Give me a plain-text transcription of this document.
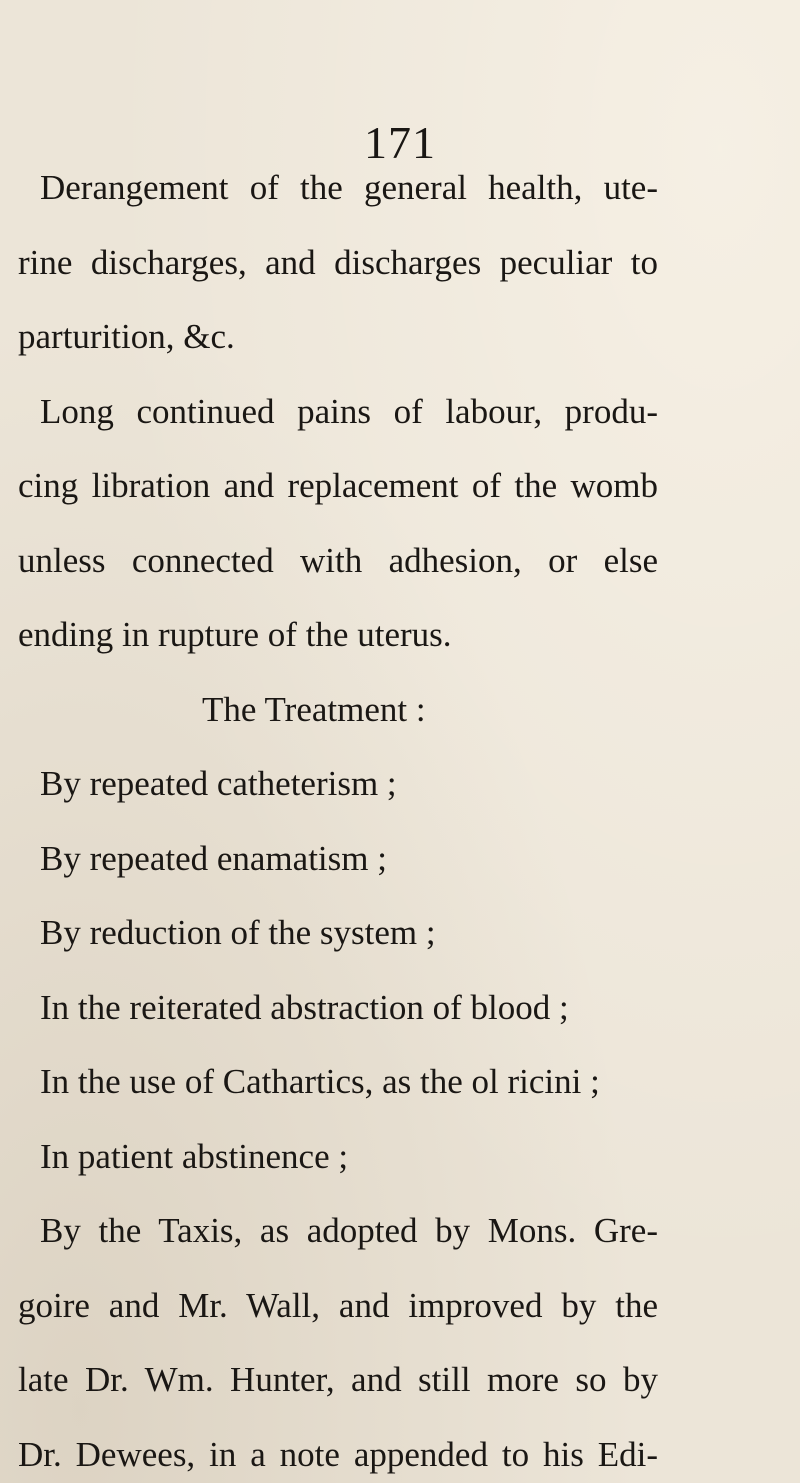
171
Derangement of the general health, ute-
rine discharges, and discharges peculiar to
parturition, &c.
Long continued pains of labour, produ-
cing libration and replacement of the womb
unless connected with adhesion, or else
ending in rupture of the uterus.
The Treatment :
By repeated catheterism ;
By repeated enamatism ;
By reduction of the system ;
In the reiterated abstraction of blood ;
In the use of Cathartics, as the ol ricini ;
In patient abstinence ;
By the Taxis, as adopted by Mons. Gre-
goire and Mr. Wall, and improved by the
late Dr. Wm. Hunter, and still more so by
Dr. Dewees, in a note appended to his Edi-
